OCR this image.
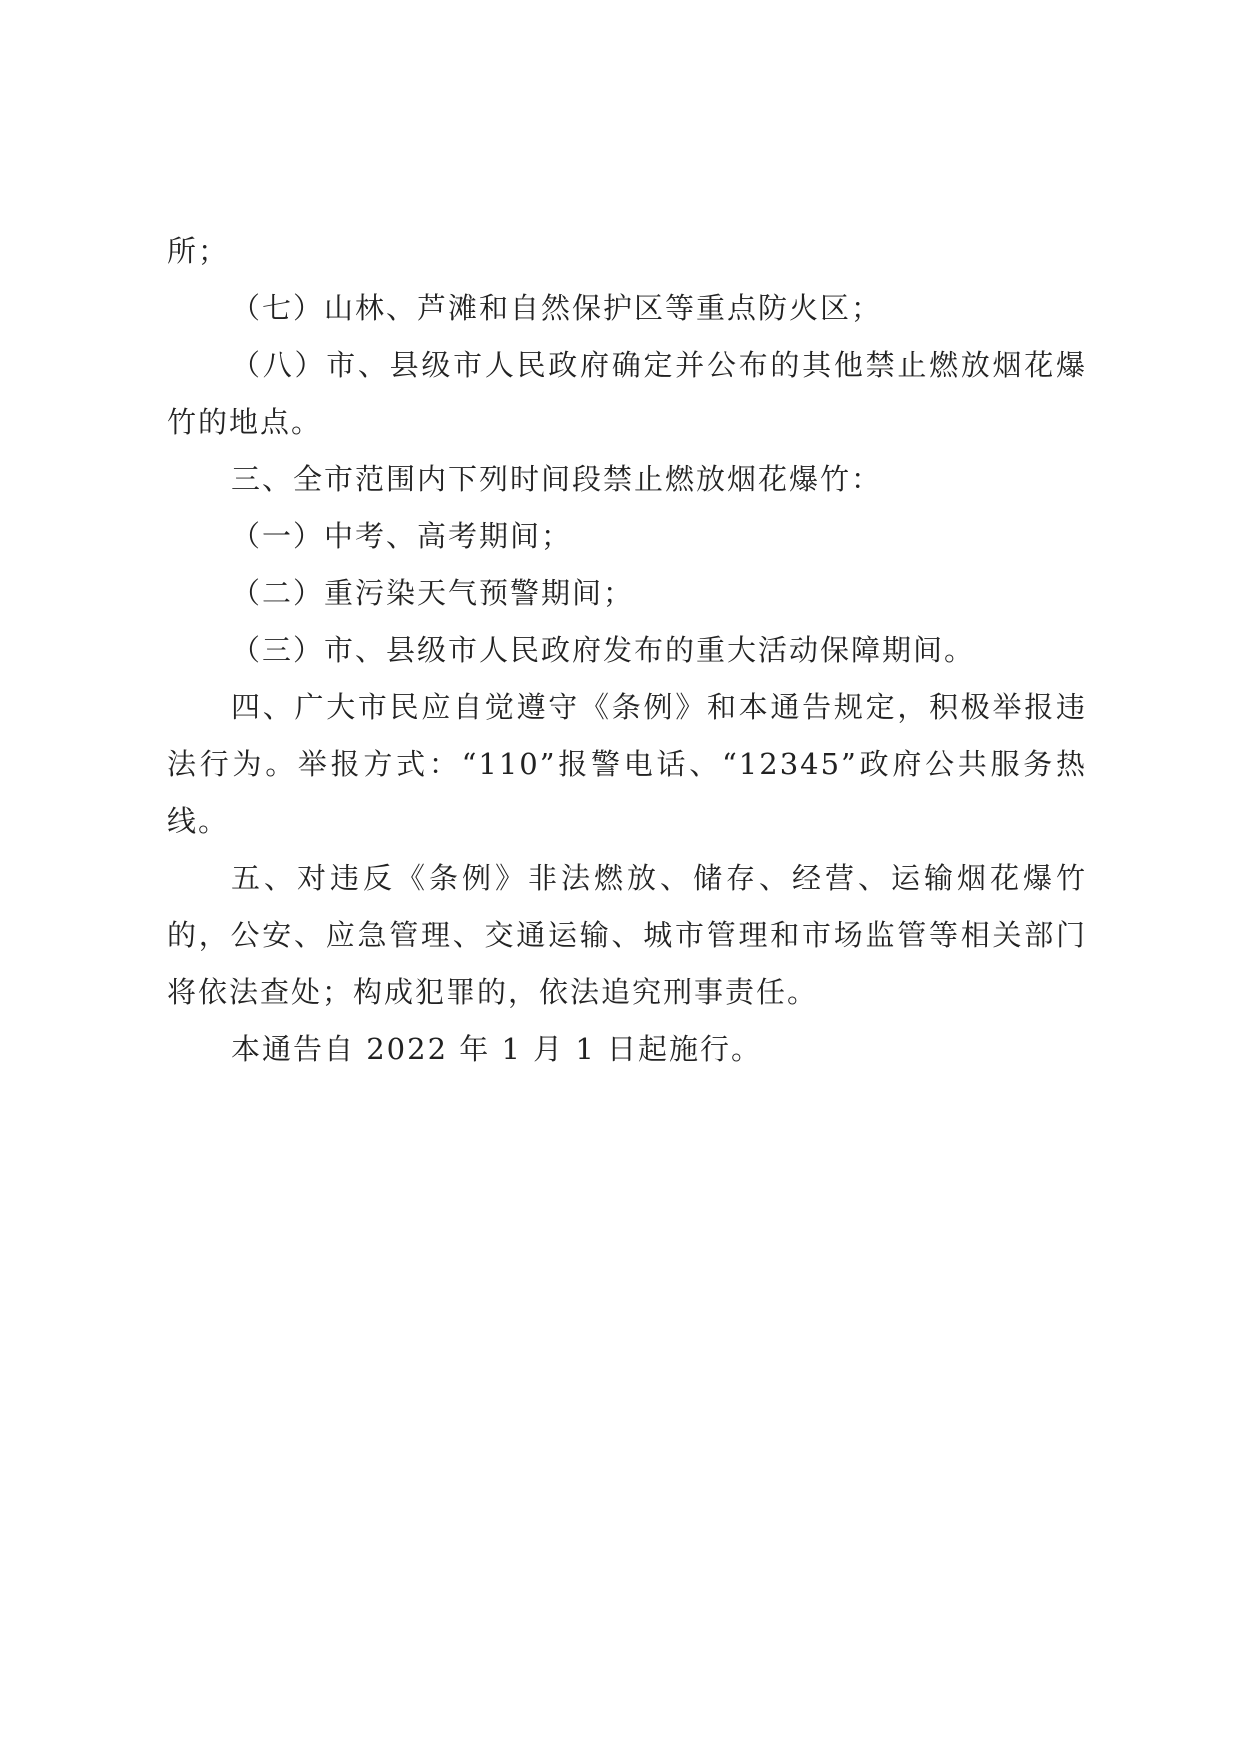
所；

（七）山林、芦滩和自然保护区等重点防火区；

（八）市、县级市人民政府确定并公布的其他禁止燃放烟花爆竹的地点。

三、全市范围内下列时间段禁止燃放烟花爆竹：

（一）中考、高考期间；

（二）重污染天气预警期间；

（三）市、县级市人民政府发布的重大活动保障期间。

四、广大市民应自觉遵守《条例》和本通告规定，积极举报违法行为。举报方式：“110”报警电话、“12345”政府公共服务热线。

五、对违反《条例》非法燃放、储存、经营、运输烟花爆竹的，公安、应急管理、交通运输、城市管理和市场监管等相关部门将依法查处；构成犯罪的，依法追究刑事责任。

本通告自 2022 年 1 月 1 日起施行。
